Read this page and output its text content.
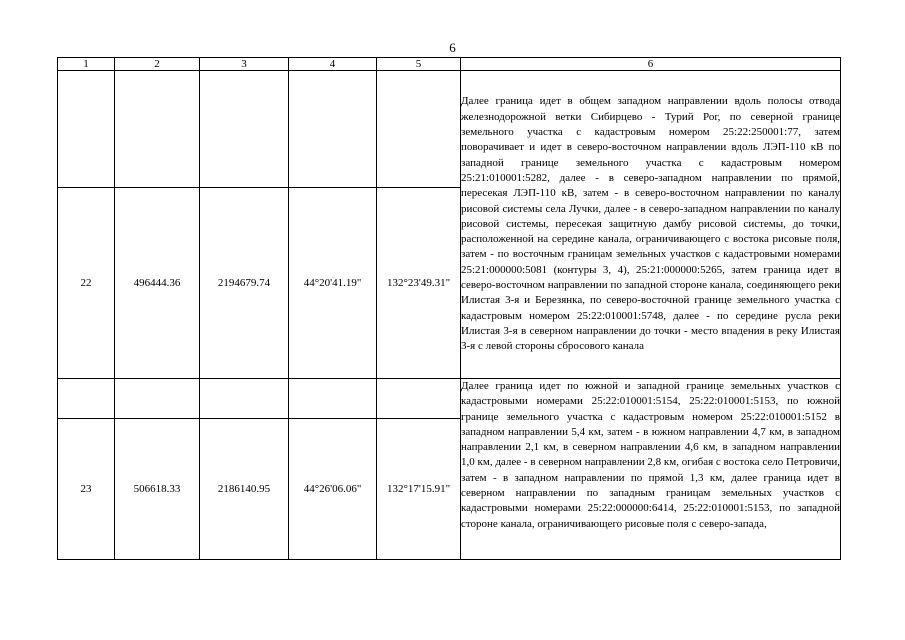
6
1	2	3	4	5	6
					Далее граница идет в общем западном направлении вдоль полосы отвода железнодорожной ветки Сибирцево - Турий Рог, по северной границе земельного участка с кадастровым номером 25:22:250001:77, затем поворачивает и идет в северо-восточном направлении вдоль ЛЭП-110 кВ по западной границе земельного участка с кадастровым номером 25:21:010001:5282, далее - в северо-западном направлении по прямой, пересекая ЛЭП-110 кВ, затем - в северо-восточном направлении по каналу рисовой системы села Лучки, далее - в северо-западном направлении по каналу рисовой системы, пересекая защитную дамбу рисовой системы, до точки, расположенной на середине канала, ограничивающего с востока рисовые поля, затем - по восточным границам земельных участков с кадастровыми номерами 25:21:000000:5081 (контуры 3, 4), 25:21:000000:5265, затем граница идет в северо-восточном направлении по западной стороне канала, соединяющего реки Илистая 3-я и Березянка, по северо-восточной границе земельного участка с кадастровым номером 25:22:010001:5748, далее - по середине русла реки Илистая 3-я в северном направлении до точки - место впадения в реку Илистая 3-я с левой стороны сбросового канала
22	496444.36	2194679.74	44°20'41.19"	132°23'49.31"	
					Далее граница идет по южной и западной границе земельных участков с кадастровыми номерами 25:22:010001:5154, 25:22:010001:5153, по южной границе земельного участка с кадастровым номером 25:22:010001:5152 в западном направлении 5,4 км, затем - в южном направлении 4,7 км, в западном направлении 2,1 км, в северном направлении 4,6 км, в западном направлении 1,0 км, далее - в северном направлении 2,8 км, огибая с востока село Петровичи, затем - в западном направлении по прямой 1,3 км, далее граница идет в северном направлении по западным границам земельных участков с кадастровыми номерами 25:22:000000:6414, 25:22:010001:5153, по западной стороне канала, ограничивающего рисовые поля с северо-запада,
23	506618.33	2186140.95	44°26'06.06"	132°17'15.91"	
